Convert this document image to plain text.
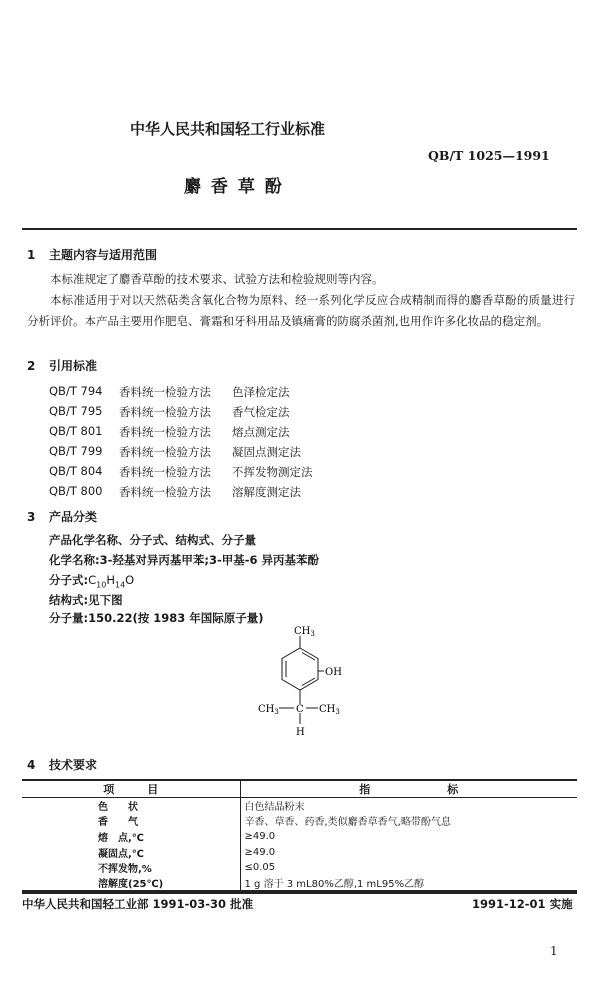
中华人民共和国轻工行业标准
QB/T 1025—1991
麝 香 草 酚
1 主题内容与适用范围
本标准规定了麝香草酚的技术要求、试验方法和检验规则等内容。
本标准适用于对以天然萜类含氧化合物为原料、经一系列化学反应合成精制而得的麝香草酚的质量进行分析评价。本产品主要用作肥皂、膏霜和牙科用品及镇痛膏的防腐杀菌剂,也用作许多化妆品的稳定剂。
2 引用标准
QB/T 794 香料统一检验方法 色泽检定法
QB/T 795 香料统一检验方法 香气检定法
QB/T 801 香料统一检验方法 熔点测定法
QB/T 799 香料统一检验方法 凝固点测定法
QB/T 804 香料统一检验方法 不挥发物测定法
QB/T 800 香料统一检验方法 溶解度测定法
3 产品分类
产品化学名称、分子式、结构式、分子量
化学名称:3-羟基对异丙基甲苯;3-甲基-6 异丙基苯酚
分子式$:C_{10}H_{14}O$
结构式:见下图
分子量:150.22(按 1983 年国际原子量)
$CH_3$
OH
$CH_3$ C $CH_3$
H
4 技术要求
项　　　目	指　　　　　　　标
色　　状	白色结晶粉末
香　　气	辛香、草香、药香,类似麝香草香气,略带酚气息
熔　点,℃	≥49.0
凝固点,℃	≥49.0
不挥发物,%	≤0.05
溶解度(25℃)	1 g 溶于 3 mL80%乙醇,1 mL95%乙醇
中华人民共和国轻工业部 1991-03-30 批准	1991-12-01 实施
1
